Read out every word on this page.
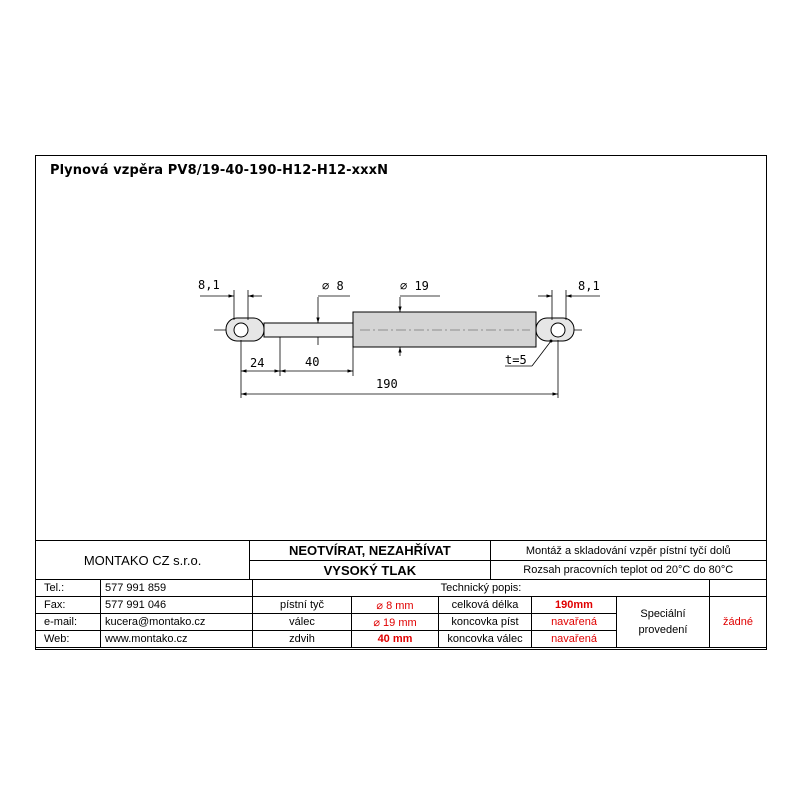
Plynová vzpěra PV8/19-40-190-H12-H12-xxxN
8,1	⌀ 8	⌀ 19	8,1
24	40
190
t=5
MONTAKO CZ s.r.o.	NEOTVÍRAT, NEZAHŘÍVAT	Montáž a skladování vzpěr pístní tyčí dolů
	VYSOKÝ TLAK	Rozsah pracovních teplot od 20°C do 80°C
Tel.:	577 991 859	Technický popis:					
Fax:	577 991 046	pístní tyč	⌀ 8 mm	celková délka	190mm	Speciální provedení	žádné
e-mail:	kucera@montako.cz	válec	⌀ 19 mm	koncovka píst	navařená		
Web:	www.montako.cz	zdvih	40 mm	koncovka válec	navařená		
